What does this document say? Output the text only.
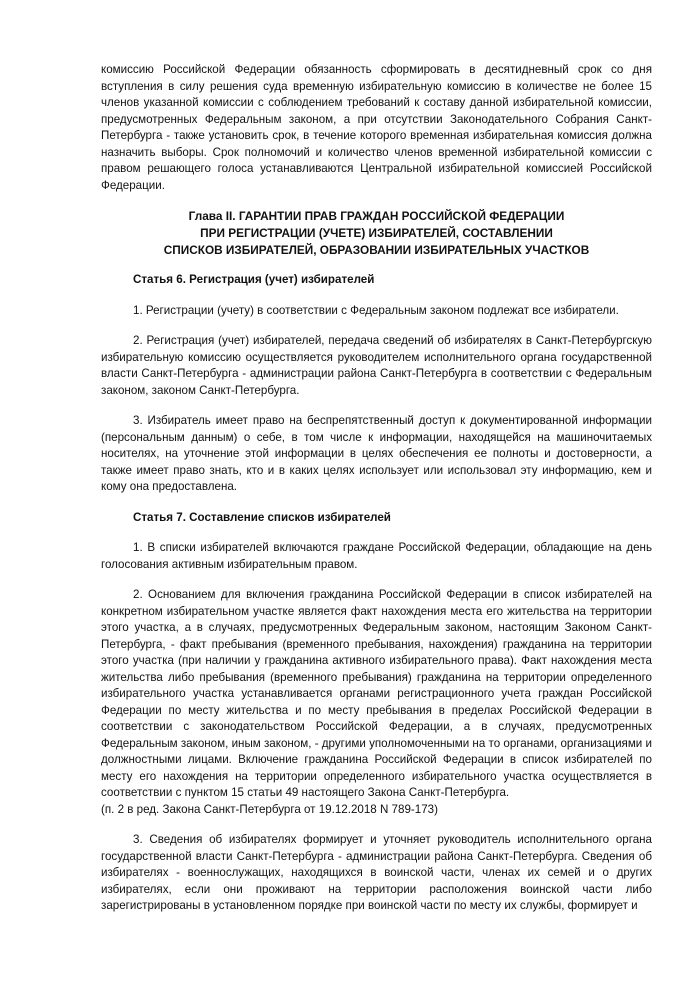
комиссию Российской Федерации обязанность сформировать в десятидневный срок со дня вступления в силу решения суда временную избирательную комиссию в количестве не более 15 членов указанной комиссии с соблюдением требований к составу данной избирательной комиссии, предусмотренных Федеральным законом, а при отсутствии Законодательного Собрания Санкт-Петербурга - также установить срок, в течение которого временная избирательная комиссия должна назначить выборы. Срок полномочий и количество членов временной избирательной комиссии с правом решающего голоса устанавливаются Центральной избирательной комиссией Российской Федерации.

Глава II. ГАРАНТИИ ПРАВ ГРАЖДАН РОССИЙСКОЙ ФЕДЕРАЦИИ

ПРИ РЕГИСТРАЦИИ (УЧЕТЕ) ИЗБИРАТЕЛЕЙ, СОСТАВЛЕНИИ

СПИСКОВ ИЗБИРАТЕЛЕЙ, ОБРАЗОВАНИИ ИЗБИРАТЕЛЬНЫХ УЧАСТКОВ

Статья 6. Регистрация (учет) избирателей

1. Регистрации (учету) в соответствии с Федеральным законом подлежат все избиратели.

2. Регистрация (учет) избирателей, передача сведений об избирателях в Санкт-Петербургскую избирательную комиссию осуществляется руководителем исполнительного органа государственной власти Санкт-Петербурга - администрации района Санкт-Петербурга в соответствии с Федеральным законом, законом Санкт-Петербурга.

3. Избиратель имеет право на беспрепятственный доступ к документированной информации (персональным данным) о себе, в том числе к информации, находящейся на машиночитаемых носителях, на уточнение этой информации в целях обеспечения ее полноты и достоверности, а также имеет право знать, кто и в каких целях использует или использовал эту информацию, кем и кому она предоставлена.

Статья 7. Составление списков избирателей

1. В списки избирателей включаются граждане Российской Федерации, обладающие на день голосования активным избирательным правом.

2. Основанием для включения гражданина Российской Федерации в список избирателей на конкретном избирательном участке является факт нахождения места его жительства на территории этого участка, а в случаях, предусмотренных Федеральным законом, настоящим Законом Санкт-Петербурга, - факт пребывания (временного пребывания, нахождения) гражданина на территории этого участка (при наличии у гражданина активного избирательного права). Факт нахождения места жительства либо пребывания (временного пребывания) гражданина на территории определенного избирательного участка устанавливается органами регистрационного учета граждан Российской Федерации по месту жительства и по месту пребывания в пределах Российской Федерации в соответствии с законодательством Российской Федерации, а в случаях, предусмотренных Федеральным законом, иным законом, - другими уполномоченными на то органами, организациями и должностными лицами. Включение гражданина Российской Федерации в список избирателей по месту его нахождения на территории определенного избирательного участка осуществляется в соответствии с пунктом 15 статьи 49 настоящего Закона Санкт-Петербурга.

(п. 2 в ред. Закона Санкт-Петербурга от 19.12.2018 N 789-173)

3. Сведения об избирателях формирует и уточняет руководитель исполнительного органа государственной власти Санкт-Петербурга - администрации района Санкт-Петербурга. Сведения об избирателях - военнослужащих, находящихся в воинской части, членах их семей и о других избирателях, если они проживают на территории расположения воинской части либо зарегистрированы в установленном порядке при воинской части по месту их службы, формирует и
